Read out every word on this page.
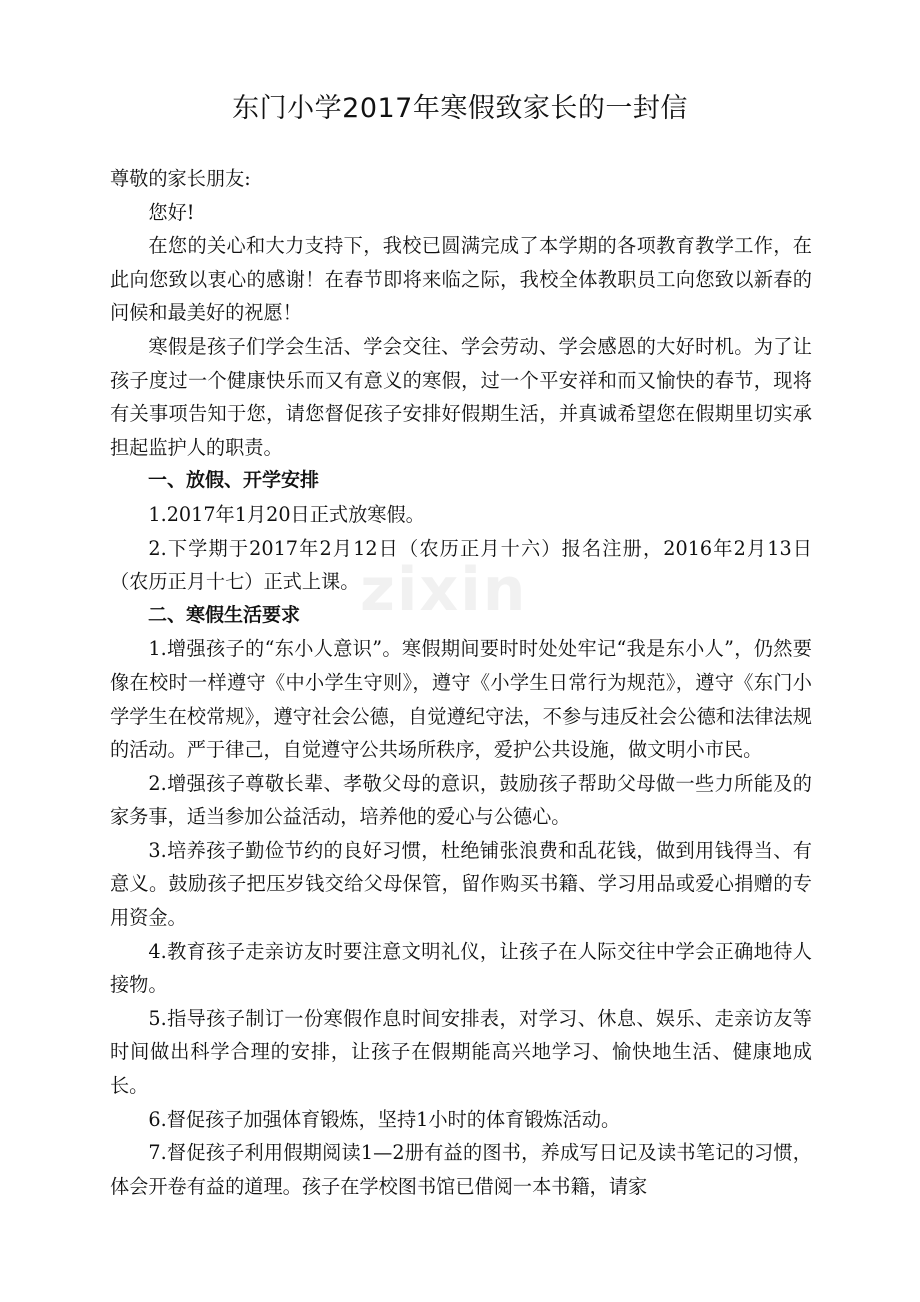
东门小学2017年寒假致家长的一封信

尊敬的家长朋友:

您好!

在您的关心和大力支持下，我校已圆满完成了本学期的各项教育教学工作，在此向您致以衷心的感谢！在春节即将来临之际，我校全体教职员工向您致以新春的问候和最美好的祝愿！

寒假是孩子们学会生活、学会交往、学会劳动、学会感恩的大好时机。为了让孩子度过一个健康快乐而又有意义的寒假，过一个平安祥和而又愉快的春节，现将有关事项告知于您，请您督促孩子安排好假期生活，并真诚希望您在假期里切实承担起监护人的职责。

一、放假、开学安排

1.2017年1月20日正式放寒假。

2.下学期于2017年2月12日（农历正月十六）报名注册，2016年2月13日（农历正月十七）正式上课。

二、寒假生活要求

1.增强孩子的“东小人意识”。寒假期间要时时处处牢记“我是东小人”，仍然要像在校时一样遵守《中小学生守则》，遵守《小学生日常行为规范》，遵守《东门小学学生在校常规》，遵守社会公德，自觉遵纪守法，不参与违反社会公德和法律法规的活动。严于律己，自觉遵守公共场所秩序，爱护公共设施，做文明小市民。

2.增强孩子尊敬长辈、孝敬父母的意识，鼓励孩子帮助父母做一些力所能及的家务事，适当参加公益活动，培养他的爱心与公德心。

3.培养孩子勤俭节约的良好习惯，杜绝铺张浪费和乱花钱，做到用钱得当、有意义。鼓励孩子把压岁钱交给父母保管，留作购买书籍、学习用品或爱心捐赠的专用资金。

4.教育孩子走亲访友时要注意文明礼仪，让孩子在人际交往中学会正确地待人接物。

5.指导孩子制订一份寒假作息时间安排表，对学习、休息、娱乐、走亲访友等时间做出科学合理的安排，让孩子在假期能高兴地学习、愉快地生活、健康地成长。

6.督促孩子加强体育锻炼，坚持1小时的体育锻炼活动。

7.督促孩子利用假期阅读1—2册有益的图书，养成写日记及读书笔记的习惯，体会开卷有益的道理。孩子在学校图书馆已借阅一本书籍，请家

zixin
